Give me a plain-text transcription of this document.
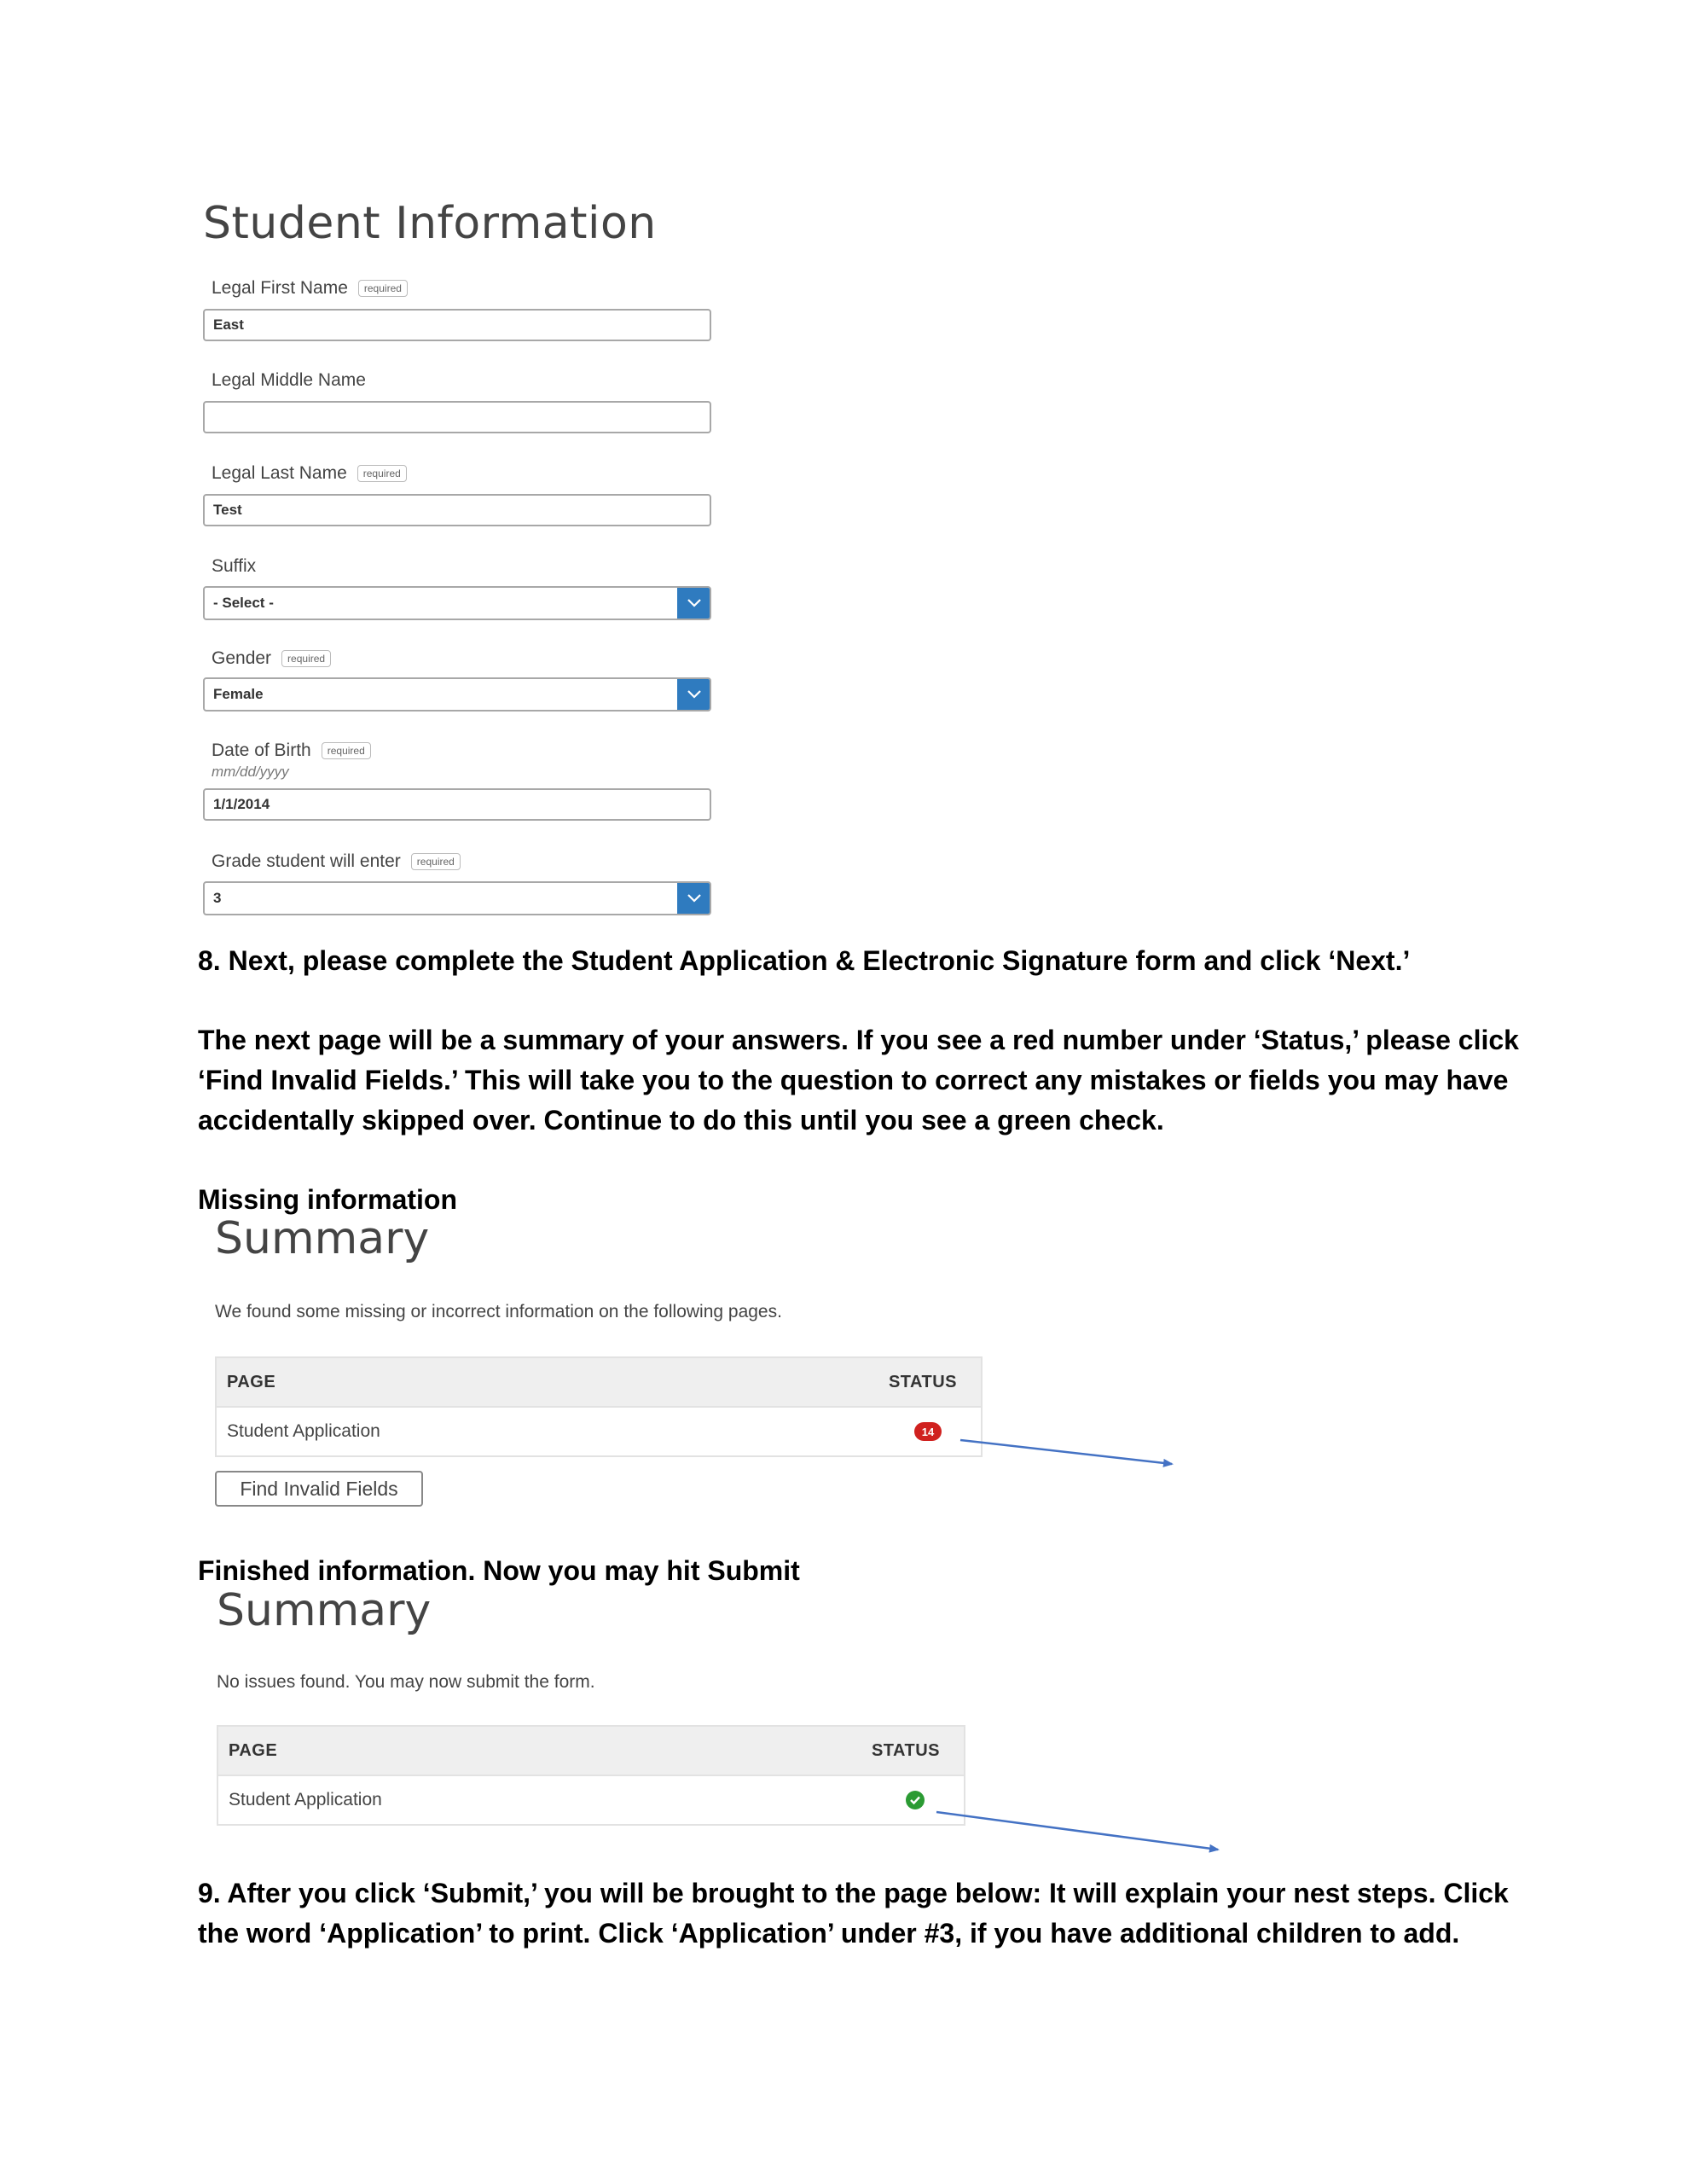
Student Information
Legal First Name	required
East
Legal Middle Name
Legal Last Name	required
Test
Suffix
- Select -
Gender	required
Female
Date of Birth	required
mm/dd/yyyy
1/1/2014
Grade student will enter	required
3
8. Next, please complete the Student Application & Electronic Signature form and click ‘Next.’
The next page will be a summary of your answers. If you see a red number under ‘Status,’ please click
‘Find Invalid Fields.’ This will take you to the question to correct any mistakes or fields you may have
accidentally skipped over. Continue to do this until you see a green check.
Missing information
Summary
We found some missing or incorrect information on the following pages.
PAGE	STATUS
Student Application	14
Find Invalid Fields
Finished information. Now you may hit Submit
Summary
No issues found. You may now submit the form.
PAGE	STATUS
Student Application
9. After you click ‘Submit,’ you will be brought to the page below: It will explain your nest steps. Click
the word ‘Application’ to print. Click ‘Application’ under #3, if you have additional children to add.
